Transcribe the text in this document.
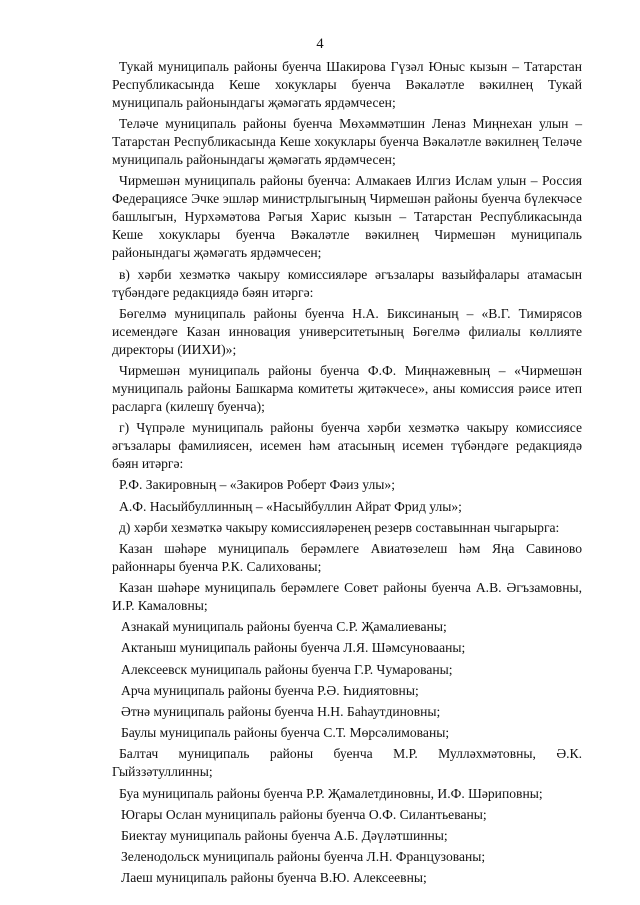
4

Тукай муниципаль районы буенча Шакирова Гүзәл Юныс кызын – Татарстан Республикасында Кеше хокуклары буенча Вәкаләтле вәкилнең Тукай муниципаль районындагы җәмәгать ярдәмчесен;

Теләче муниципаль районы буенча Мөхәммәтшин Леназ Миңнехан улын – Татарстан Республикасында Кеше хокуклары буенча Вәкаләтле вәкилнең Теләче муниципаль районындагы җәмәгать ярдәмчесен;

Чирмешән муниципаль районы буенча: Алмакаев Илгиз Ислам улын – Россия Федерациясе Эчке эшләр министрлыгының Чирмешән районы буенча бүлекчәсе башлыгын, Нурхәмәтова Рәгыя Харис кызын – Татарстан Республикасында Кеше хокуклары буенча Вәкаләтле вәкилнең Чирмешән муниципаль районындагы җәмәгать ярдәмчесен;

в) хәрби хезмәткә чакыру комиссияләре әгъзалары вазыйфалары атамасын түбәндәге редакциядә бәян итәргә:

Бөгелмә муниципаль районы буенча Н.А. Биксинаның – «В.Г. Тимирясов исемендәге Казан инновация университетының Бөгелмә филиалы көллияте директоры (ИИХИ)»;

Чирмешән муниципаль районы буенча Ф.Ф. Миңнажевның – «Чирмешән муниципаль районы Башкарма комитеты җитәкчесе», аны комиссия рәисе итеп расларга (килешү буенча);

г) Чүпрәле муниципаль районы буенча хәрби хезмәткә чакыру комиссиясе әгъзалары фамилиясен, исемен һәм атасының исемен түбәндәге редакциядә бәян итәргә:

Р.Ф. Закировның – «Закиров Роберт Фәиз улы»;

А.Ф. Насыйбуллинның – «Насыйбуллин Айрат Фрид улы»;

д) хәрби хезмәткә чакыру комиссияләренең резерв составыннан чыгарырга:

Казан шәһәре муниципаль берәмлеге Авиатөзелеш һәм Яңа Савиново районнары буенча Р.К. Салихованы;

Казан шәһәре муниципаль берәмлеге Совет районы буенча А.В. Әгъзамовны, И.Р. Камаловны;

Азнакай муниципаль районы буенча С.Р. Җамалиеваны;

Актаныш муниципаль районы буенча Л.Я. Шәмсуновааны;

Алексеевск муниципаль районы буенча Г.Р. Чумарованы;

Арча муниципаль районы буенча Р.Ә. Һидиятовны;

Әтнә муниципаль районы буенча Н.Н. Баһаутдиновны;

Баулы муниципаль районы буенча С.Т. Мөрсәлимованы;

Балтач муниципаль районы буенча М.Р. Мулләхмәтовны, Ә.К. Гыйззәтуллинны;

Буа муниципаль районы буенча Р.Р. Җамалетдиновны, И.Ф. Шәриповны;

Югары Ослан муниципаль районы буенча О.Ф. Силантьеваны;

Биектау муниципаль районы буенча А.Б. Дәүләтшинны;

Зеленодольск муниципаль районы буенча Л.Н. Французованы;

Лаеш муниципаль районы буенча В.Ю. Алексеевны;
